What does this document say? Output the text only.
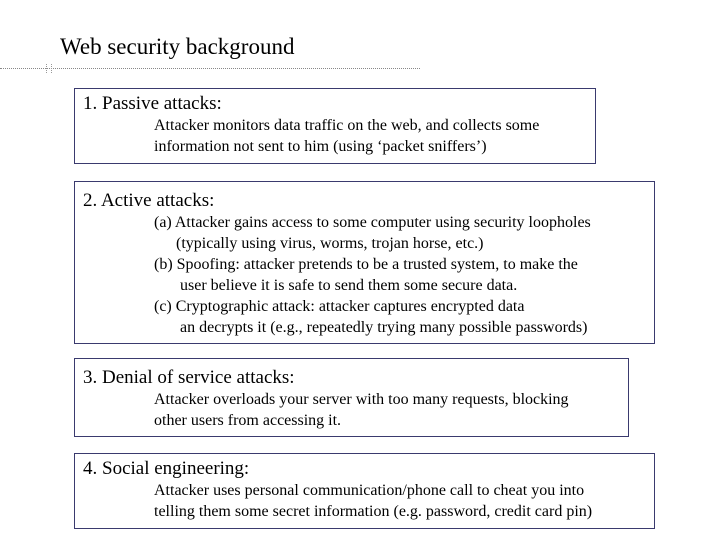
Web security background
1. Passive attacks:
Attacker monitors data traffic on the web, and collects some
information not sent to him (using ‘packet sniffers’)
2. Active attacks:
(a) Attacker gains access to some computer using security loopholes
(typically using virus, worms, trojan horse, etc.)
(b) Spoofing: attacker pretends to be a trusted system, to make the
user believe it is safe to send them some secure data.
(c) Cryptographic attack: attacker captures encrypted data
an decrypts it (e.g., repeatedly trying many possible passwords)
3. Denial of service attacks:
Attacker overloads your server with too many requests, blocking
other users from accessing it.
4. Social engineering:
Attacker uses personal communication/phone call to cheat you into
telling them some secret information (e.g. password, credit card pin)
